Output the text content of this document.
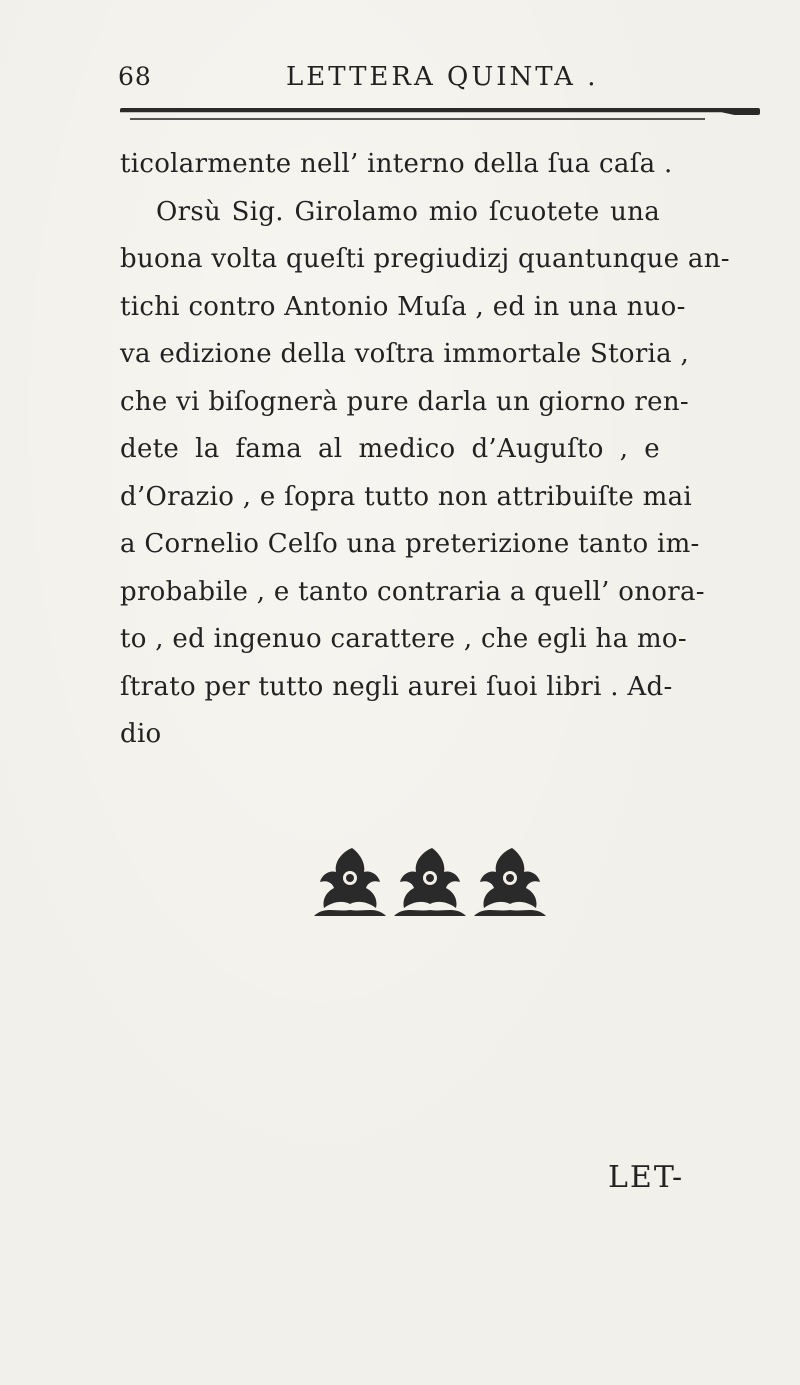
68	LETTERA QUINTA .
ticolarmente nell’ interno della ſua caſa .
Orsù Sig. Girolamo mio ſcuotete una
buona volta queſti pregiudizj quantunque an-
tichi contro Antonio Muſa , ed in una nuo-
va edizione della voſtra immortale Storia ,
che vi biſognerà pure darla un giorno ren-
dete la fama al medico d’Auguſto , e
d’Orazio , e ſopra tutto non attribuiſte mai
a Cornelio Celſo una preterizione tanto im-
probabile , e tanto contraria a quell’ onora-
to , ed ingenuo carattere , che egli ha mo-
ſtrato per tutto negli aurei ſuoi libri . Ad-
dio
LET-
